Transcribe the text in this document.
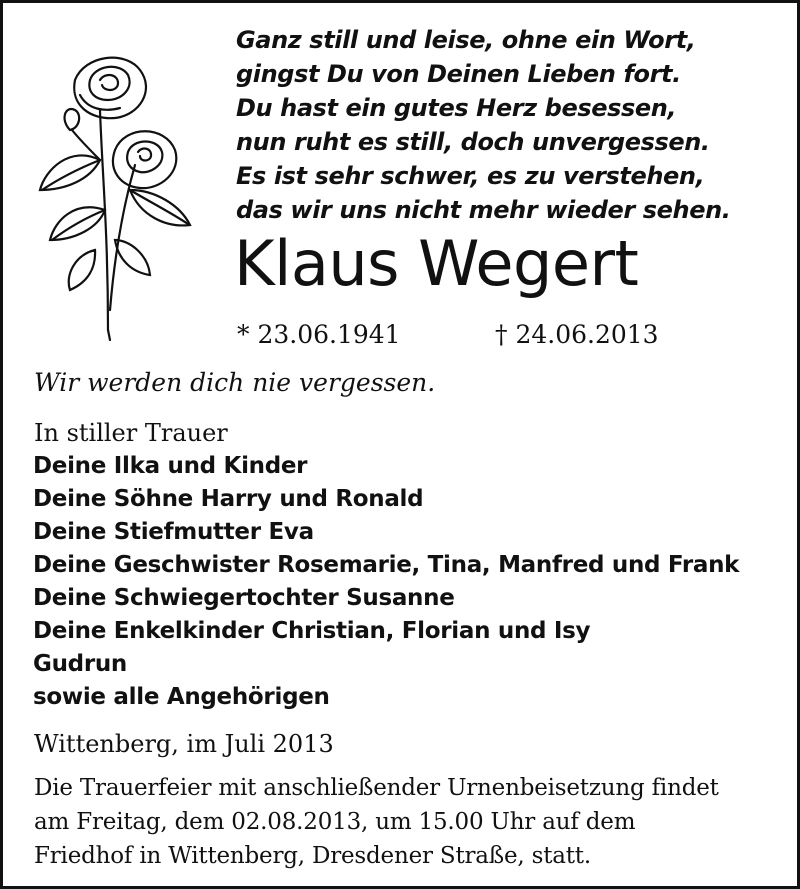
Ganz still und leise, ohne ein Wort,
gingst Du von Deinen Lieben fort.
Du hast ein gutes Herz besessen,
nun ruht es still, doch unvergessen.
Es ist sehr schwer, es zu verstehen,
das wir uns nicht mehr wieder sehen.
Klaus Wegert
* 23.06.1941	† 24.06.2013
Wir werden dich nie vergessen.
In stiller Trauer
Deine Ilka und Kinder
Deine Söhne Harry und Ronald
Deine Stiefmutter Eva
Deine Geschwister Rosemarie, Tina, Manfred und Frank
Deine Schwiegertochter Susanne
Deine Enkelkinder Christian, Florian und Isy
Gudrun
sowie alle Angehörigen
Wittenberg, im Juli 2013
Die Trauerfeier mit anschließender Urnenbeisetzung findet
am Freitag, dem 02.08.2013, um 15.00 Uhr auf dem
Friedhof in Wittenberg, Dresdener Straße, statt.
